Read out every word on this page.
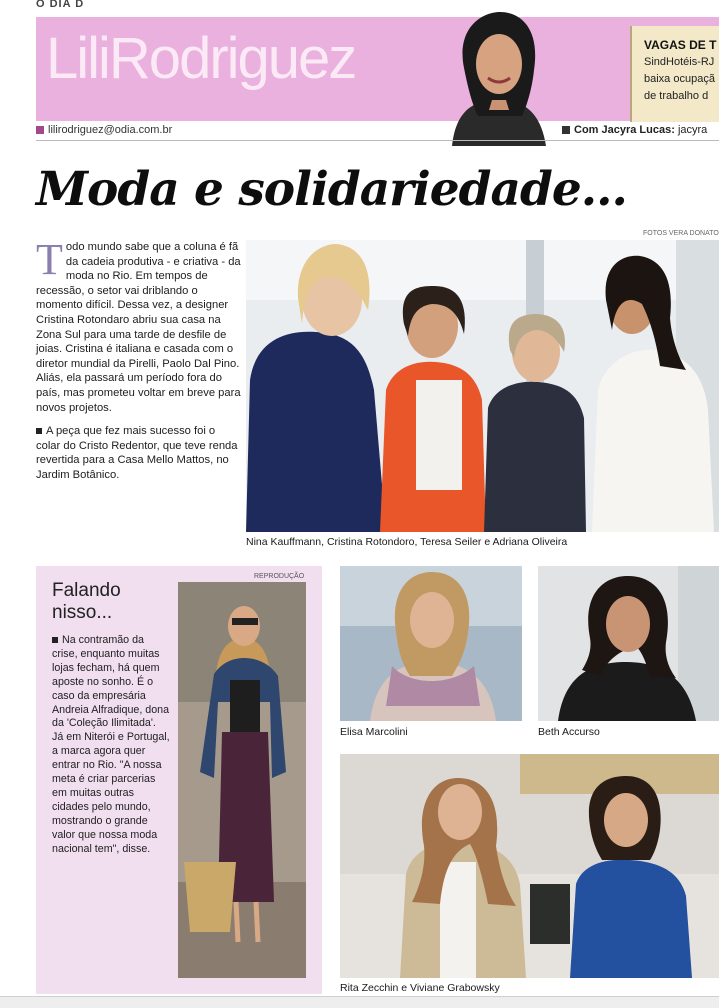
O DIA D
LiliRodriguez	VAGAS DE T
SindHotéis-RJ
baixa ocupaçã
de trabalho d
lilirodriguez@odia.com.br	Com Jacyra Lucas: jacyra
Moda e solidariedade...
FOTOS VERA DONATO

Todo mundo sabe que a coluna é fã da cadeia produtiva - e criativa - da moda no Rio. Em tempos de recessão, o setor vai driblando o momento difícil. Dessa vez, a designer Cristina Rotondaro abriu sua casa na Zona Sul para uma tarde de desfile de joias. Cristina é italiana e casada com o diretor mundial da Pirelli, Paolo Dal Pino. Aliás, ela passará um período fora do país, mas prometeu voltar em breve para novos projetos.

A peça que fez mais sucesso foi o colar do Cristo Redentor, que teve renda revertida para a Casa Mello Mattos, no Jardim Botânico.

Nina Kauffmann, Cristina Rotondoro, Teresa Seiler e Adriana Oliveira
Falando
nisso...
Na contramão da crise, enquanto muitas lojas fecham, há quem aposte no sonho. É o caso da empresária Andreia Alfradique, dona da 'Coleção Ilimitada'. Já em Niterói e Portugal, a marca agora quer entrar no Rio. "A nossa meta é criar parcerias em muitas outras cidades pelo mundo, mostrando o grande valor que nossa moda nacional tem", disse.
REPRODUÇÃO
Elisa Marcolini	Beth Accurso
Rita Zecchin e Viviane Grabowsky
